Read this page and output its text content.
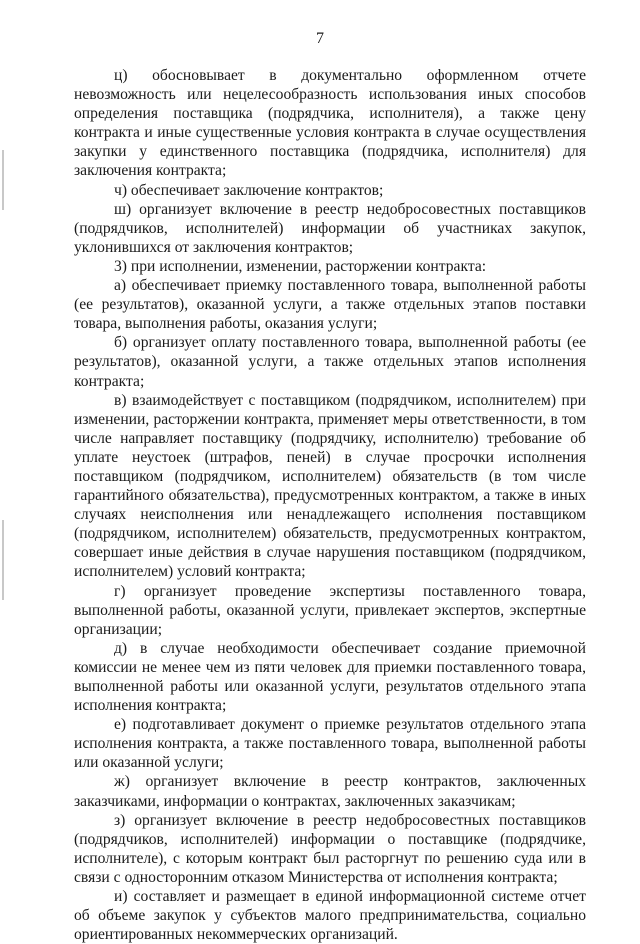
7

ц) обосновывает в документально оформленном отчете невозможность или нецелесообразность использования иных способов определения поставщика (подрядчика, исполнителя), а также цену контракта и иные существенные условия контракта в случае осуществления закупки у единственного поставщика (подрядчика, исполнителя) для заключения контракта;

ч) обеспечивает заключение контрактов;

ш) организует включение в реестр недобросовестных поставщиков (подрядчиков, исполнителей) информации об участниках закупок, уклонившихся от заключения контрактов;

3) при исполнении, изменении, расторжении контракта:

а) обеспечивает приемку поставленного товара, выполненной работы (ее результатов), оказанной услуги, а также отдельных этапов поставки товара, выполнения работы, оказания услуги;

б) организует оплату поставленного товара, выполненной работы (ее результатов), оказанной услуги, а также отдельных этапов исполнения контракта;

в) взаимодействует с поставщиком (подрядчиком, исполнителем) при изменении, расторжении контракта, применяет меры ответственности, в том числе направляет поставщику (подрядчику, исполнителю) требование об уплате неустоек (штрафов, пеней) в случае просрочки исполнения поставщиком (подрядчиком, исполнителем) обязательств (в том числе гарантийного обязательства), предусмотренных контрактом, а также в иных случаях неисполнения или ненадлежащего исполнения поставщиком (подрядчиком, исполнителем) обязательств, предусмотренных контрактом, совершает иные действия в случае нарушения поставщиком (подрядчиком, исполнителем) условий контракта;

г) организует проведение экспертизы поставленного товара, выполненной работы, оказанной услуги, привлекает экспертов, экспертные организации;

д) в случае необходимости обеспечивает создание приемочной комиссии не менее чем из пяти человек для приемки поставленного товара, выполненной работы или оказанной услуги, результатов отдельного этапа исполнения контракта;

е) подготавливает документ о приемке результатов отдельного этапа исполнения контракта, а также поставленного товара, выполненной работы или оказанной услуги;

ж) организует включение в реестр контрактов, заключенных заказчиками, информации о контрактах, заключенных заказчикам;

з) организует включение в реестр недобросовестных поставщиков (подрядчиков, исполнителей) информации о поставщике (подрядчике, исполнителе), с которым контракт был расторгнут по решению суда или в связи с односторонним отказом Министерства от исполнения контракта;

и) составляет и размещает в единой информационной системе отчет об объеме закупок у субъектов малого предпринимательства, социально ориентированных некоммерческих организаций.
